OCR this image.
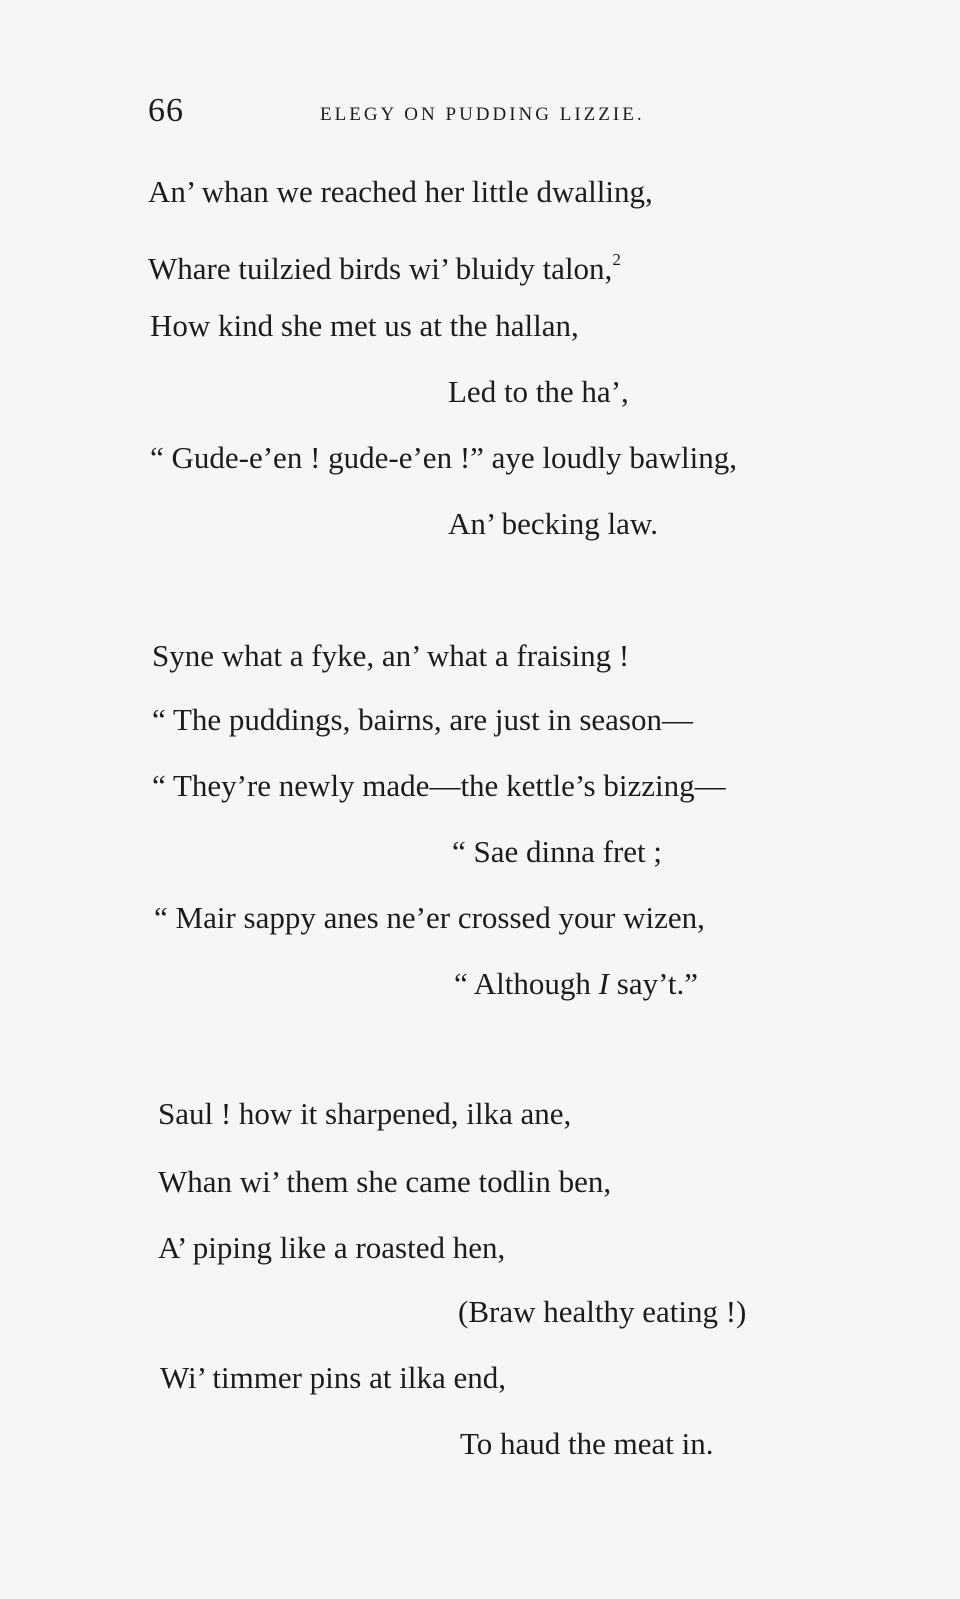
66	ELEGY ON PUDDING LIZZIE.
An’ whan we reached her little dwalling,
Whare tuilzied birds wi’ bluidy talon,$^2$
How kind she met us at the hallan,
Led to the ha’,
“ Gude-e’en ! gude-e’en !” aye loudly bawling,
An’ becking law.
Syne what a fyke, an’ what a fraising !
“ The puddings, bairns, are just in season—
“ They’re newly made—the kettle’s bizzing—
“ Sae dinna fret ;
“ Mair sappy anes ne’er crossed your wizen,
“ Although I say’t.”
Saul ! how it sharpened, ilka ane,
Whan wi’ them she came todlin ben,
A’ piping like a roasted hen,
(Braw healthy eating !)
Wi’ timmer pins at ilka end,
To haud the meat in.
